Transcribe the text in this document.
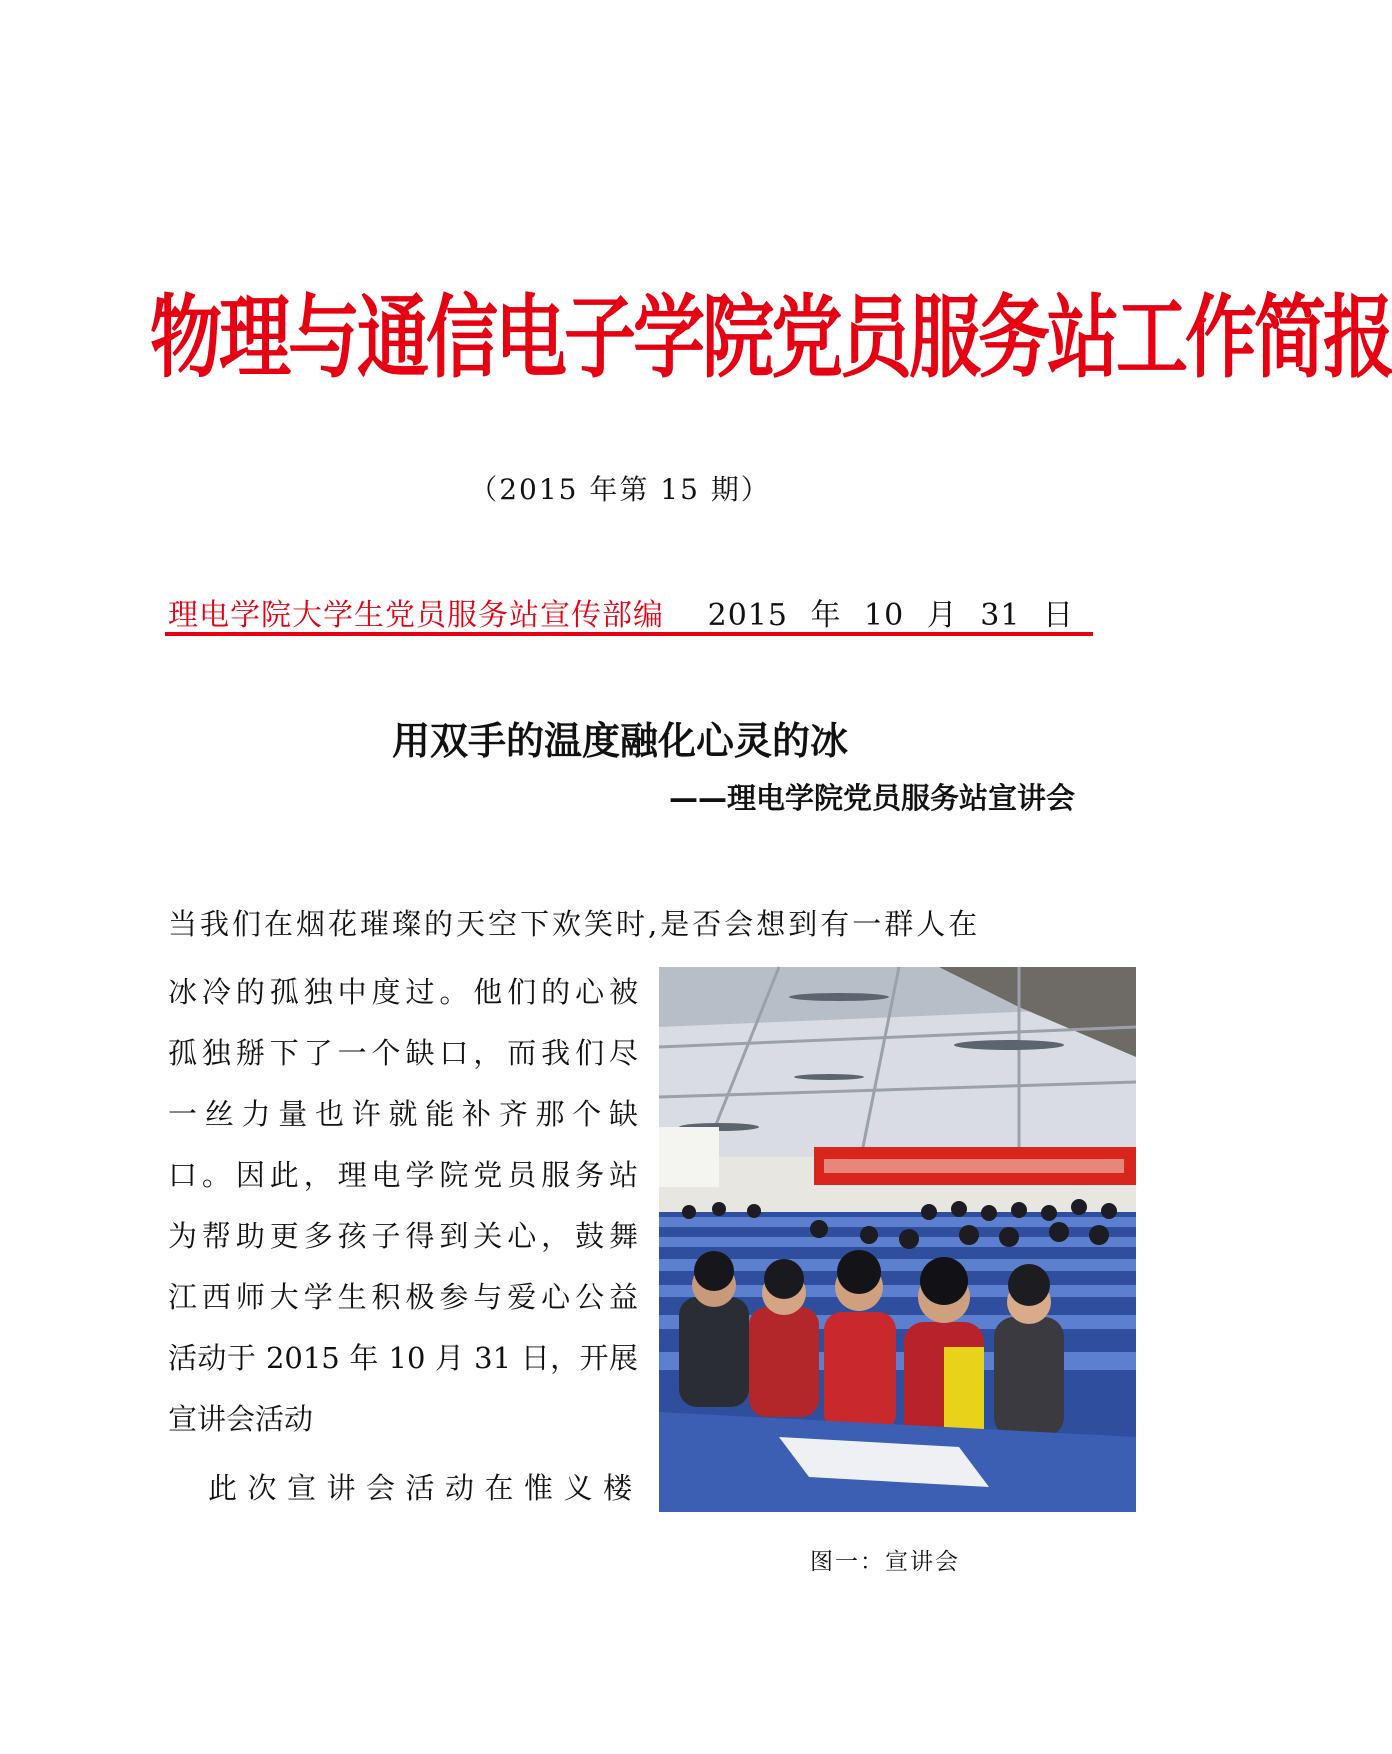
物理与通信电子学院党员服务站工作简报
（2015 年第 15 期）
理电学院大学生党员服务站宣传部编 2015 年 10 月 31 日
用双手的温度融化心灵的冰
——理电学院党员服务站宣讲会
当我们在烟花璀璨的天空下欢笑时,是否会想到有一群人在
冰冷的孤独中度过。他们的心被
孤独掰下了一个缺口，而我们尽
一丝力量也许就能补齐那个缺
口。因此，理电学院党员服务站
为帮助更多孩子得到关心，鼓舞
江西师大学生积极参与爱心公益
活动于 2015 年 10 月 31 日，开展
宣讲会活动
此次宣讲会活动在惟义楼
图一：宣讲会
